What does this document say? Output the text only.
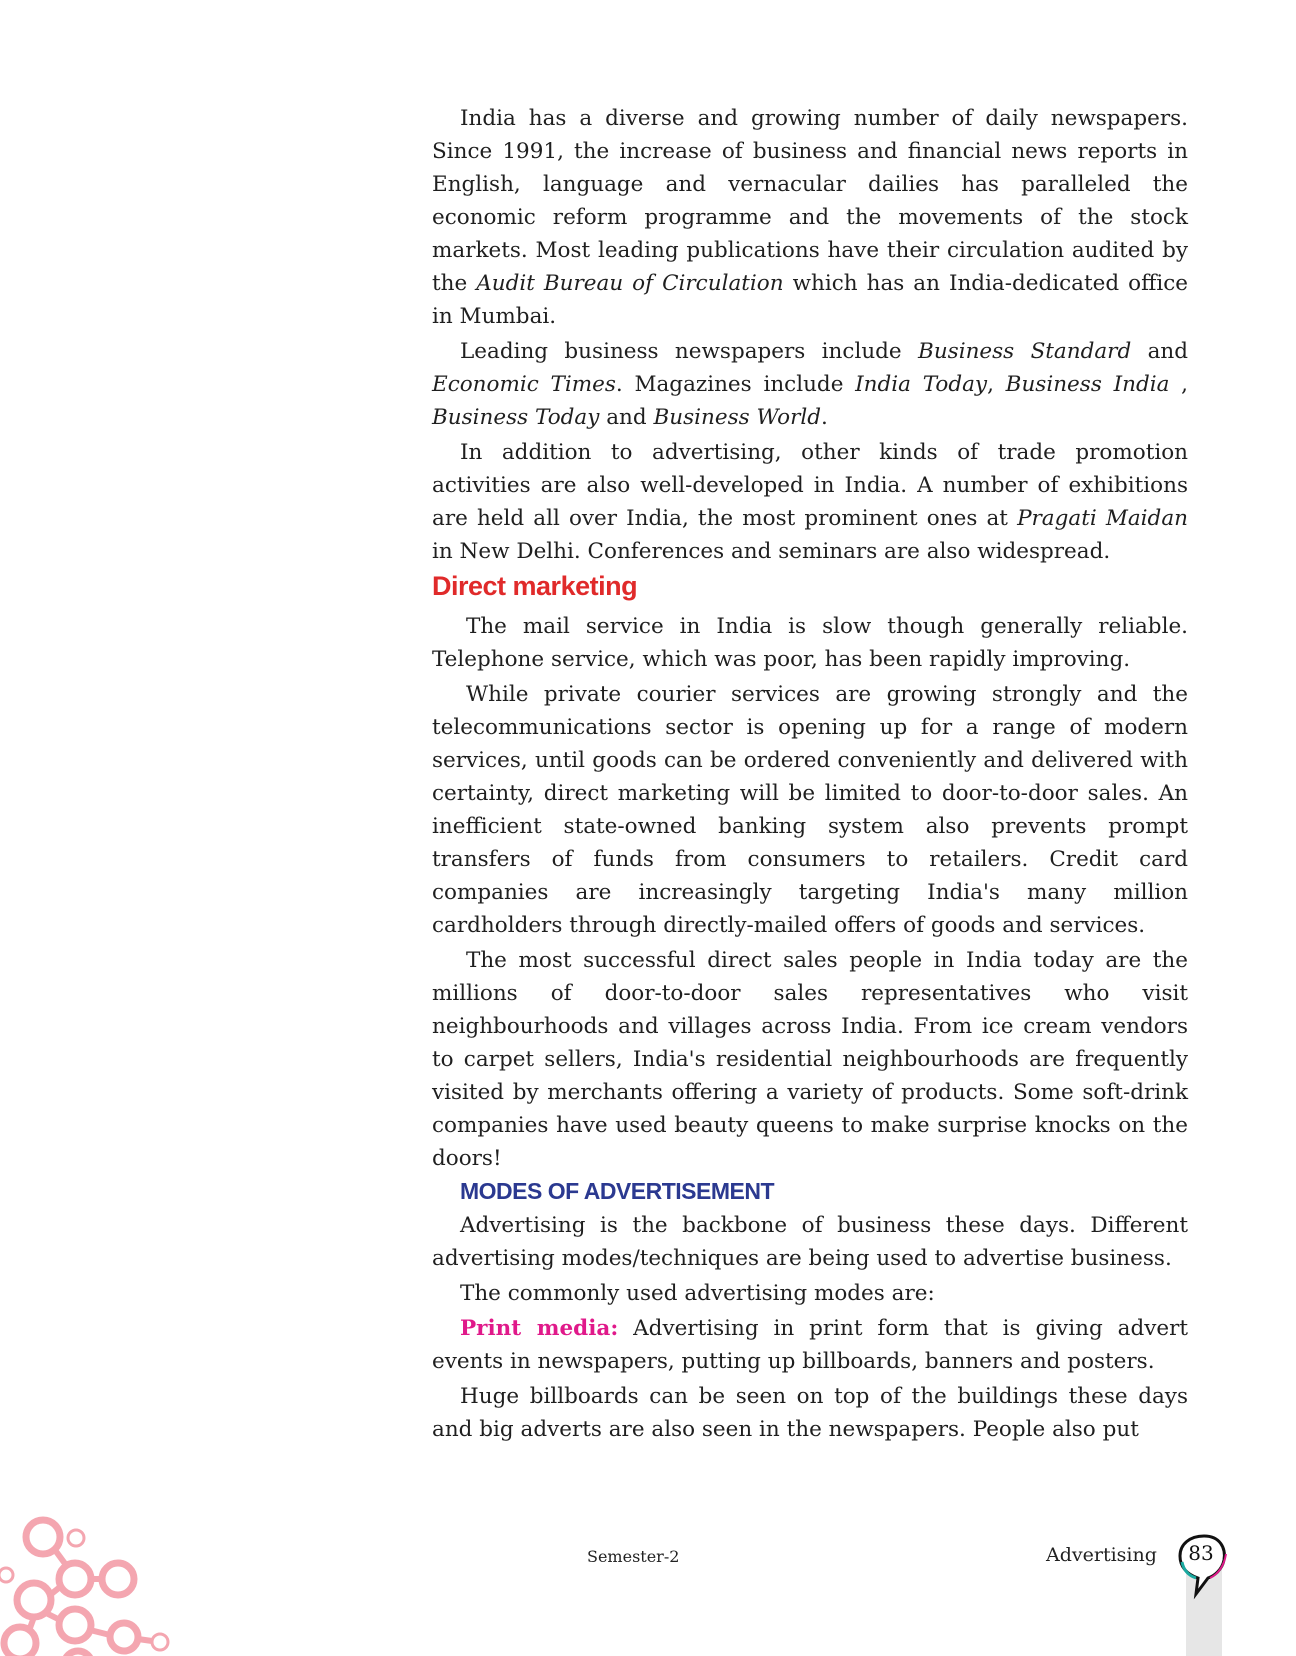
India has a diverse and growing number of daily newspapers. Since 1991, the increase of business and financial news reports in English, language and vernacular dailies has paralleled the economic reform programme and the movements of the stock markets. Most leading publications have their circulation audited by the Audit Bureau of Circulation which has an India-dedicated office in Mumbai.

Leading business newspapers include Business Standard and Economic Times. Magazines include India Today, Business India , Business Today and Business World.

In addition to advertising, other kinds of trade promotion activities are also well-developed in India. A number of exhibitions are held all over India, the most prominent ones at Pragati Maidan in New Delhi. Conferences and seminars are also widespread.

Direct marketing

The mail service in India is slow though generally reliable. Telephone service, which was poor, has been rapidly improving.

While private courier services are growing strongly and the telecommunications sector is opening up for a range of modern services, until goods can be ordered conveniently and delivered with certainty, direct marketing will be limited to door-to-door sales. An inefficient state-owned banking system also prevents prompt transfers of funds from consumers to retailers. Credit card companies are increasingly targeting India's many million cardholders through directly-mailed offers of goods and services.

The most successful direct sales people in India today are the millions of door-to-door sales representatives who visit neighbourhoods and villages across India. From ice cream vendors to carpet sellers, India's residential neighbourhoods are frequently visited by merchants offering a variety of products. Some soft-drink companies have used beauty queens to make surprise knocks on the doors!

MODES OF ADVERTISEMENT

Advertising is the backbone of business these days. Different advertising modes/techniques are being used to advertise business.

The commonly used advertising modes are:

Print media: Advertising in print form that is giving advert events in newspapers, putting up billboards, banners and posters.

Huge billboards can be seen on top of the buildings these days and big adverts are also seen in the newspapers. People also put

Semester-2	Advertising	83
